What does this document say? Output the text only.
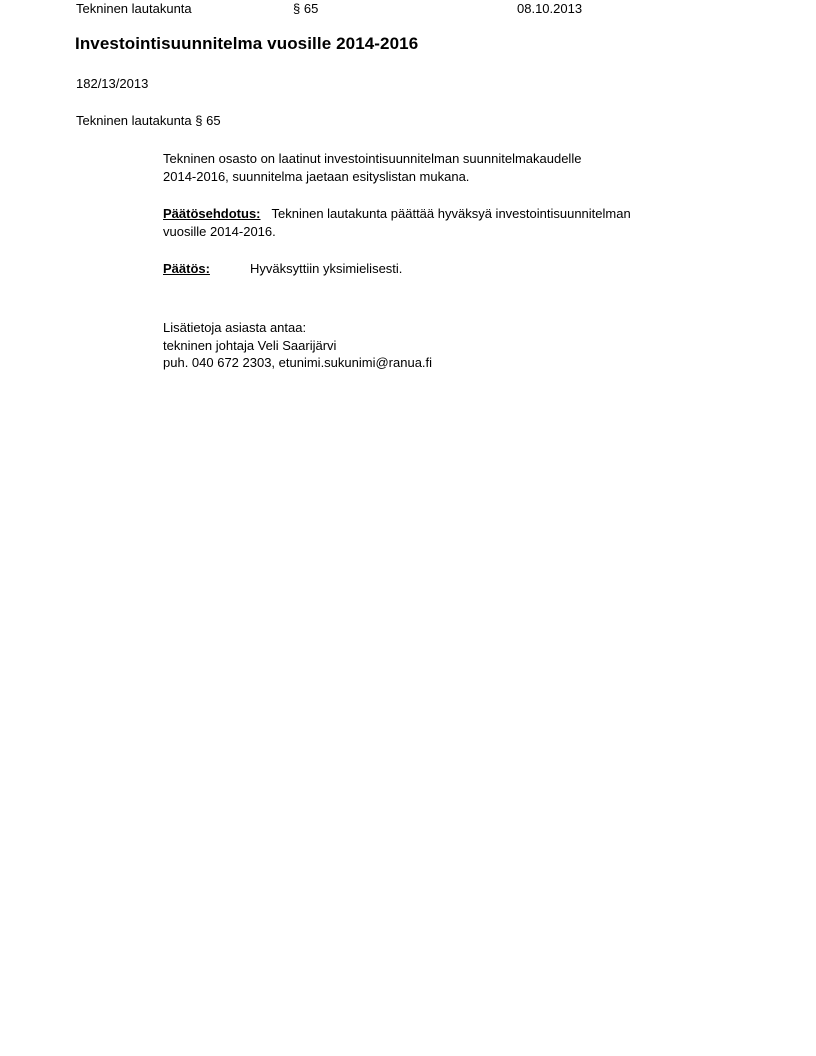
Tekninen lautakunta	§ 65	08.10.2013
Investointisuunnitelma vuosille 2014-2016
182/13/2013
Tekninen lautakunta § 65
Tekninen osasto on laatinut investointisuunnitelman suunnitelmakaudelle
2014-2016, suunnitelma jaetaan esityslistan mukana.
Päätösehdotus: Tekninen lautakunta päättää hyväksyä investointisuunnitelman
vuosille 2014-2016.
Päätös:	Hyväksyttiin yksimielisesti.
Lisätietoja asiasta antaa:
tekninen johtaja Veli Saarijärvi
puh. 040 672 2303, etunimi.sukunimi@ranua.fi
